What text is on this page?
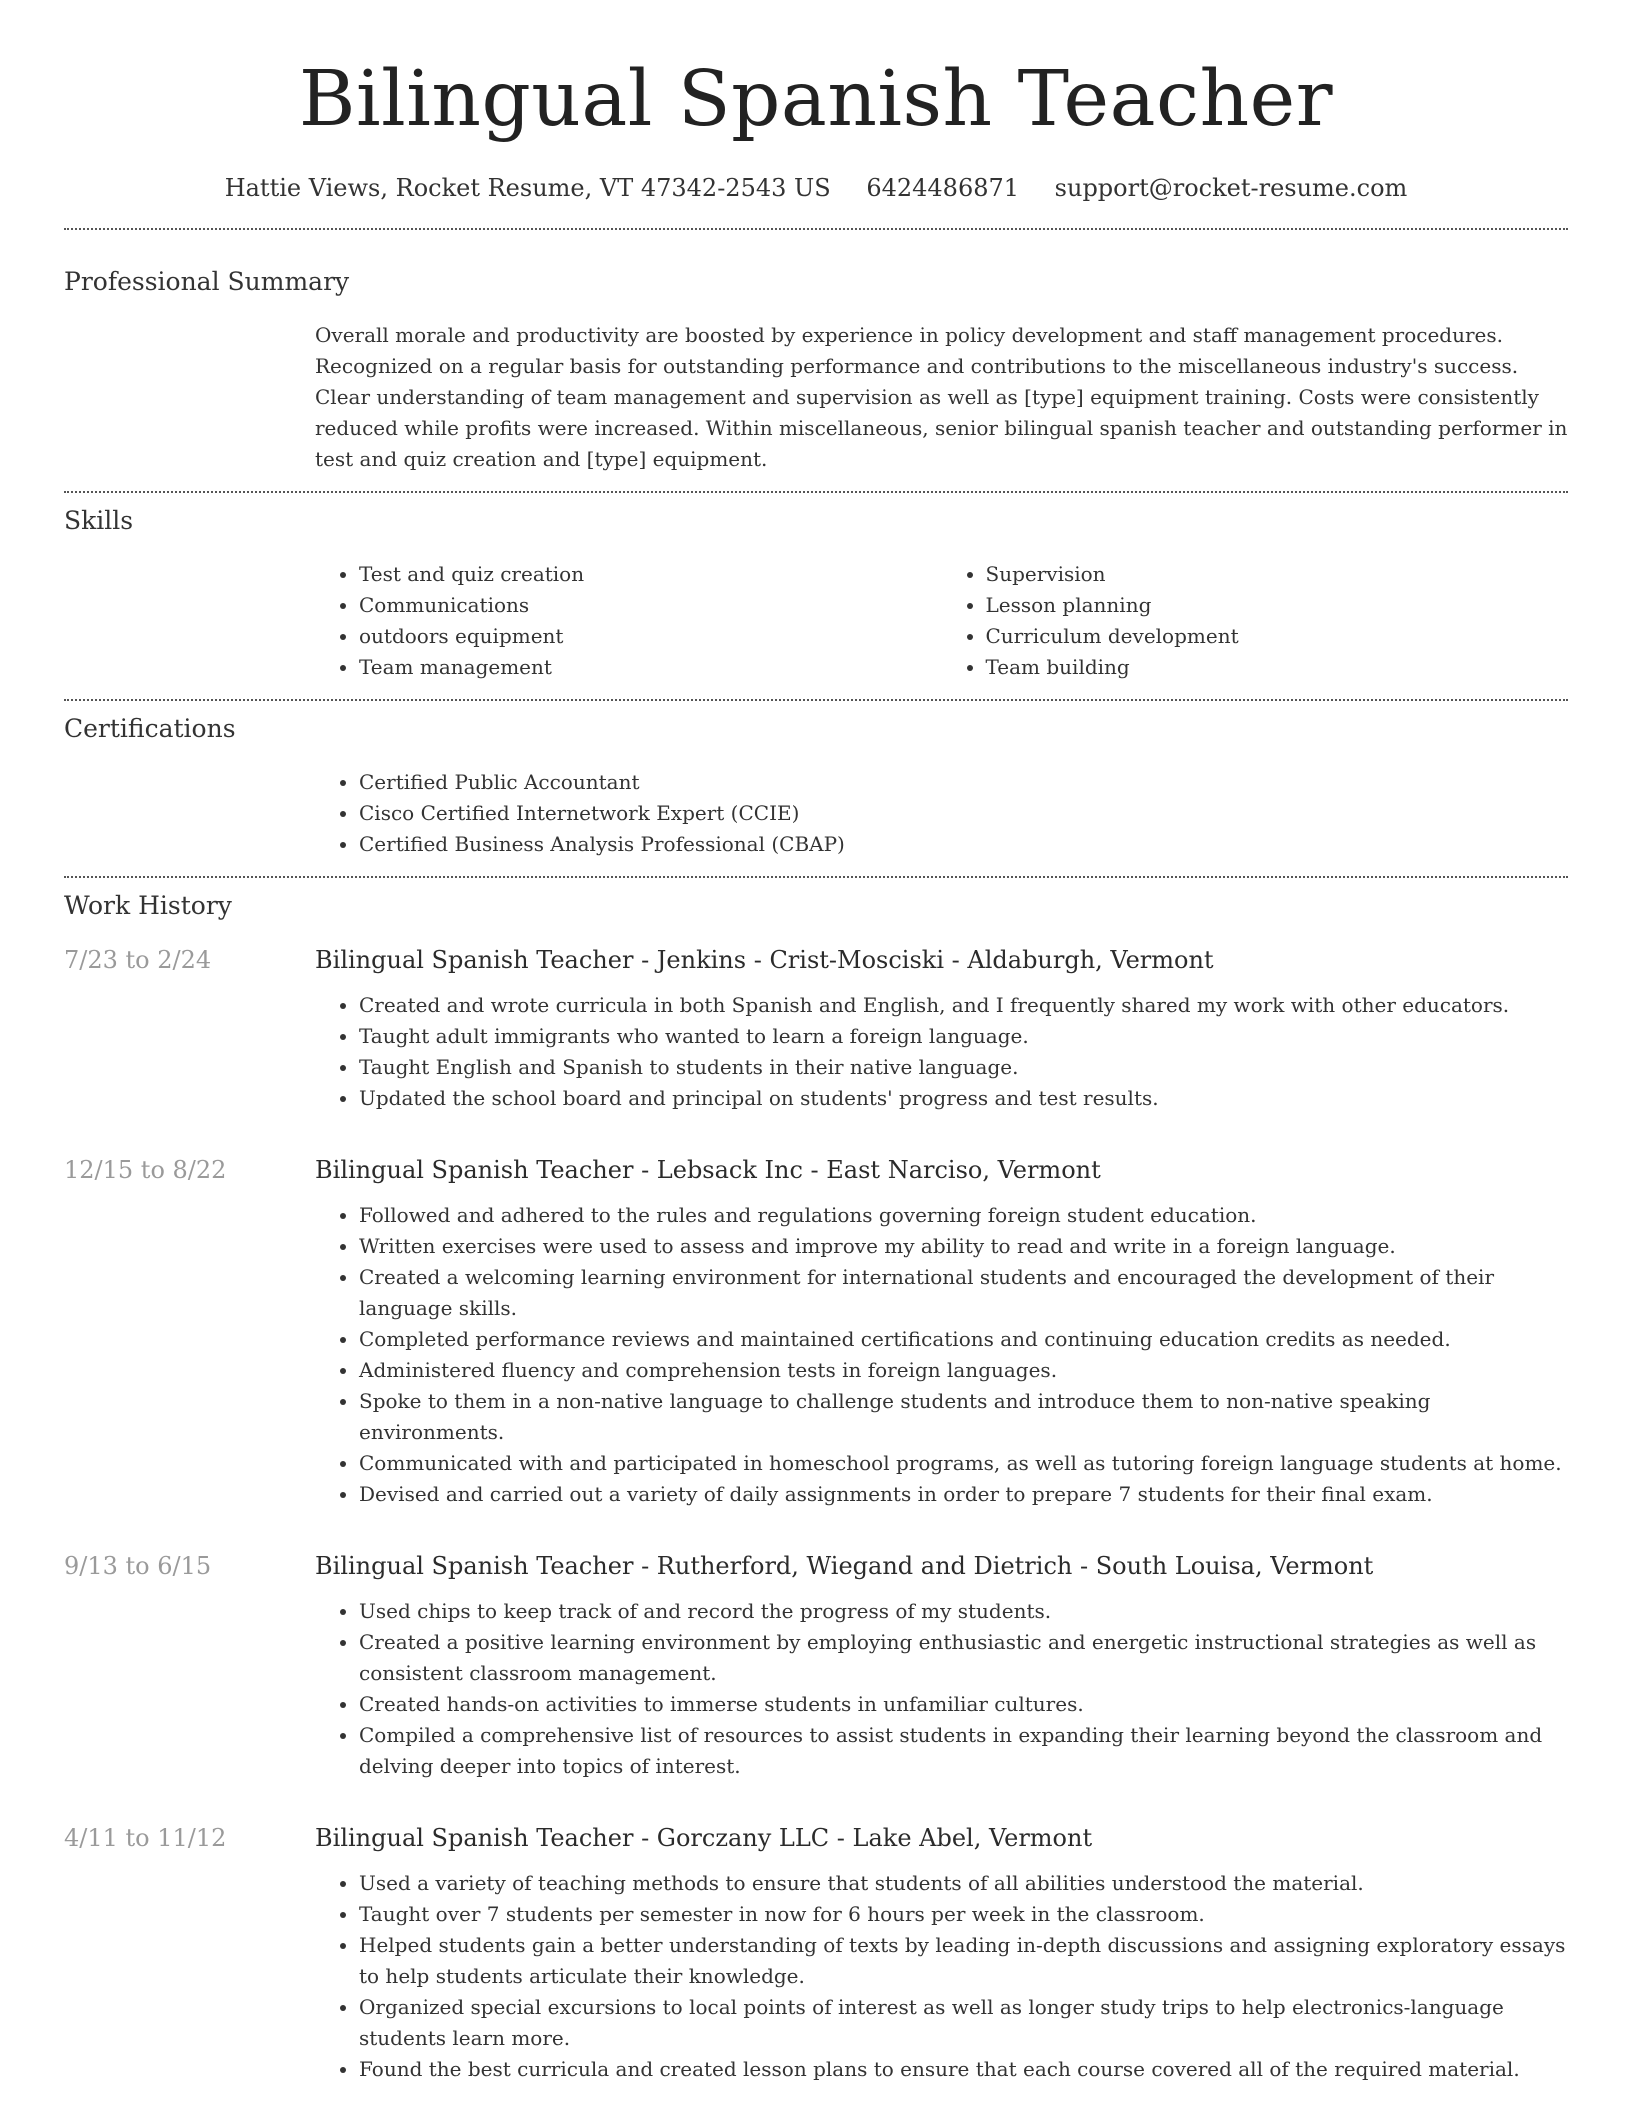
Bilingual Spanish Teacher
Hattie Views, Rocket Resume, VT 47342-2543 US 6424486871 support@rocket-resume.com
Professional Summary

Overall morale and productivity are boosted by experience in policy development and staff management procedures. Recognized on a regular basis for outstanding performance and contributions to the miscellaneous industry's success. Clear understanding of team management and supervision as well as [type] equipment training. Costs were consistently reduced while profits were increased. Within miscellaneous, senior bilingual spanish teacher and outstanding performer in test and quiz creation and [type] equipment.

Skills
• Test and quiz creation
• Communications
• outdoors equipment
• Team management
• Supervision
• Lesson planning
• Curriculum development
• Team building
Certifications
• Certified Public Accountant
• Cisco Certified Internetwork Expert (CCIE)
• Certified Business Analysis Professional (CBAP)
Work History
7/23 to 2/24	Bilingual Spanish Teacher - Jenkins - Crist-Mosciski - Aldaburgh, Vermont
• Created and wrote curricula in both Spanish and English, and I frequently shared my work with other educators.
• Taught adult immigrants who wanted to learn a foreign language.
• Taught English and Spanish to students in their native language.
• Updated the school board and principal on students' progress and test results.
12/15 to 8/22	Bilingual Spanish Teacher - Lebsack Inc - East Narciso, Vermont
• Followed and adhered to the rules and regulations governing foreign student education.
• Written exercises were used to assess and improve my ability to read and write in a foreign language.
• Created a welcoming learning environment for international students and encouraged the development of their language skills.
• Completed performance reviews and maintained certifications and continuing education credits as needed.
• Administered fluency and comprehension tests in foreign languages.
• Spoke to them in a non-native language to challenge students and introduce them to non-native speaking environments.
• Communicated with and participated in homeschool programs, as well as tutoring foreign language students at home.
• Devised and carried out a variety of daily assignments in order to prepare 7 students for their final exam.
9/13 to 6/15	Bilingual Spanish Teacher - Rutherford, Wiegand and Dietrich - South Louisa, Vermont
• Used chips to keep track of and record the progress of my students.
• Created a positive learning environment by employing enthusiastic and energetic instructional strategies as well as consistent classroom management.
• Created hands-on activities to immerse students in unfamiliar cultures.
• Compiled a comprehensive list of resources to assist students in expanding their learning beyond the classroom and delving deeper into topics of interest.
4/11 to 11/12	Bilingual Spanish Teacher - Gorczany LLC - Lake Abel, Vermont
• Used a variety of teaching methods to ensure that students of all abilities understood the material.
• Taught over 7 students per semester in now for 6 hours per week in the classroom.
• Helped students gain a better understanding of texts by leading in-depth discussions and assigning exploratory essays to help students articulate their knowledge.
• Organized special excursions to local points of interest as well as longer study trips to help electronics-language students learn more.
• Found the best curricula and created lesson plans to ensure that each course covered all of the required material.
